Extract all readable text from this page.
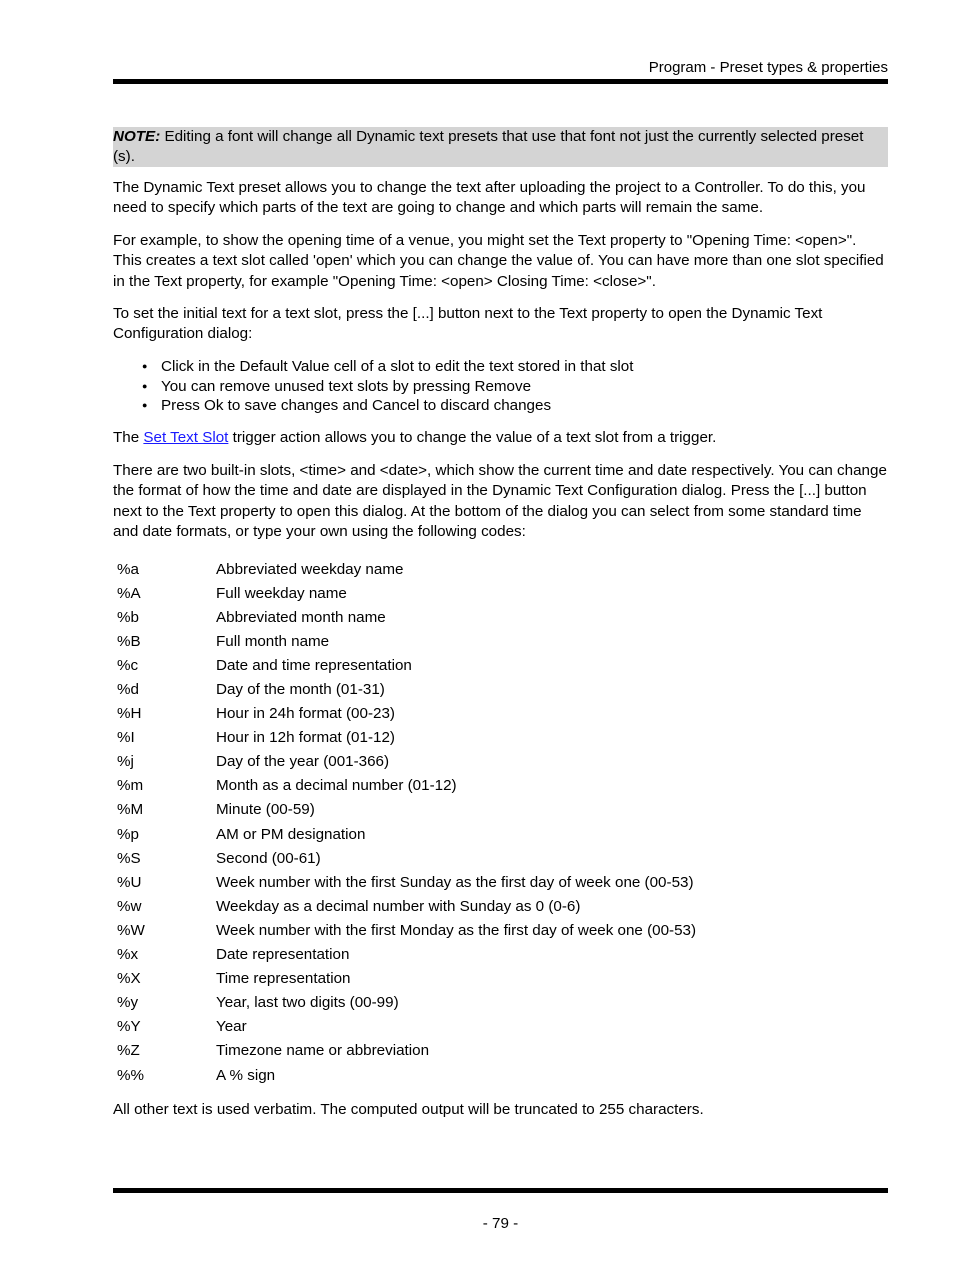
Program - Preset types & properties
NOTE: Editing a font will change all Dynamic text presets that use that font not just the currently selected preset (s).

The Dynamic Text preset allows you to change the text after uploading the project to a Controller. To do this, you need to specify which parts of the text are going to change and which parts will remain the same.

For example, to show the opening time of a venue, you might set the Text property to "Opening Time: <open>". This creates a text slot called 'open' which you can change the value of. You can have more than one slot specified in the Text property, for example "Opening Time: <open> Closing Time: <close>".

To set the initial text for a text slot, press the [...] button next to the Text property to open the Dynamic Text Configuration dialog:

● Click in the Default Value cell of a slot to edit the text stored in that slot
● You can remove unused text slots by pressing Remove
● Press Ok to save changes and Cancel to discard changes

The Set Text Slot trigger action allows you to change the value of a text slot from a trigger.

There are two built-in slots, <time> and <date>, which show the current time and date respectively. You can change the format of how the time and date are displayed in the Dynamic Text Configuration dialog. Press the [...] button next to the Text property to open this dialog. At the bottom of the dialog you can select from some standard time and date formats, or type your own using the following codes:

%a	Abbreviated weekday name
%A	Full weekday name
%b	Abbreviated month name
%B	Full month name
%c	Date and time representation
%d	Day of the month (01-31)
%H	Hour in 24h format (00-23)
%I	Hour in 12h format (01-12)
%j	Day of the year (001-366)
%m	Month as a decimal number (01-12)
%M	Minute (00-59)
%p	AM or PM designation
%S	Second (00-61)
%U	Week number with the first Sunday as the first day of week one (00-53)
%w	Weekday as a decimal number with Sunday as 0 (0-6)
%W	Week number with the first Monday as the first day of week one (00-53)
%x	Date representation
%X	Time representation
%y	Year, last two digits (00-99)
%Y	Year
%Z	Timezone name or abbreviation
%%	A % sign

All other text is used verbatim. The computed output will be truncated to 255 characters.

- 79 -
